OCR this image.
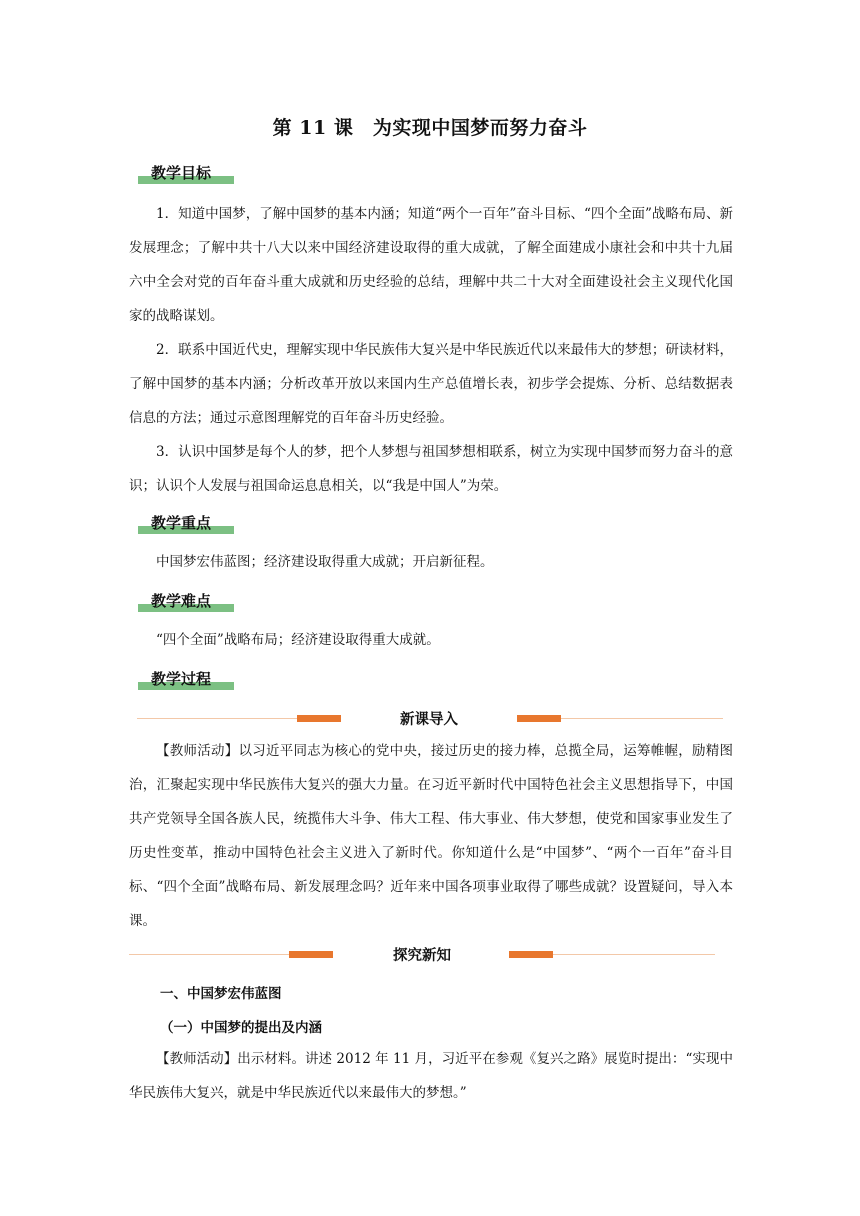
第 11 课　为实现中国梦而努力奋斗
教学目标
1．知道中国梦，了解中国梦的基本内涵；知道“两个一百年”奋斗目标、“四个全面”战略布局、新发展理念；了解中共十八大以来中国经济建设取得的重大成就，了解全面建成小康社会和中共十九届六中全会对党的百年奋斗重大成就和历史经验的总结，理解中共二十大对全面建设社会主义现代化国家的战略谋划。
2．联系中国近代史，理解实现中华民族伟大复兴是中华民族近代以来最伟大的梦想；研读材料，了解中国梦的基本内涵；分析改革开放以来国内生产总值增长表，初步学会提炼、分析、总结数据表信息的方法；通过示意图理解党的百年奋斗历史经验。
3．认识中国梦是每个人的梦，把个人梦想与祖国梦想相联系，树立为实现中国梦而努力奋斗的意识；认识个人发展与祖国命运息息相关，以“我是中国人”为荣。
教学重点
中国梦宏伟蓝图；经济建设取得重大成就；开启新征程。
教学难点
“四个全面”战略布局；经济建设取得重大成就。
教学过程
新课导入
【教师活动】以习近平同志为核心的党中央，接过历史的接力棒，总揽全局，运筹帷幄，励精图治，汇聚起实现中华民族伟大复兴的强大力量。在习近平新时代中国特色社会主义思想指导下，中国共产党领导全国各族人民，统揽伟大斗争、伟大工程、伟大事业、伟大梦想，使党和国家事业发生了历史性变革，推动中国特色社会主义进入了新时代。你知道什么是“中国梦”、“两个一百年”奋斗目标、“四个全面”战略布局、新发展理念吗？近年来中国各项事业取得了哪些成就？设置疑问，导入本课。
探究新知
一、中国梦宏伟蓝图
（一）中国梦的提出及内涵
【教师活动】出示材料。讲述 2012 年 11 月，习近平在参观《复兴之路》展览时提出：“实现中华民族伟大复兴，就是中华民族近代以来最伟大的梦想。”
